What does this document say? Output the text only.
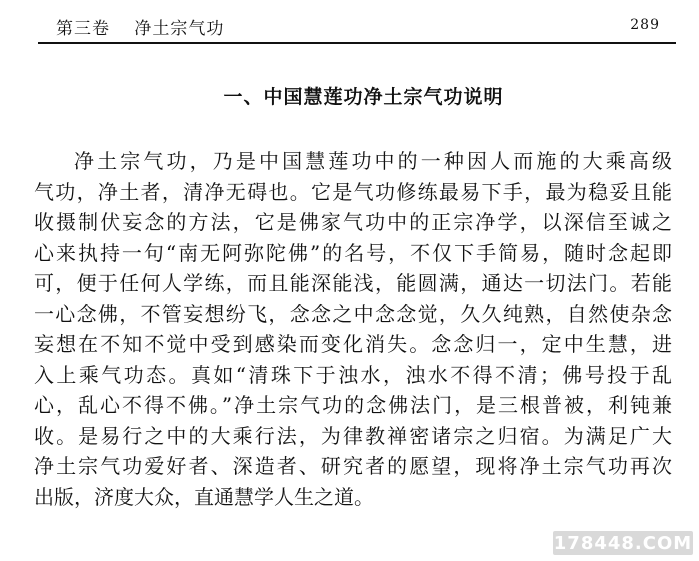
第三卷 净土宗气功	289
一、中国慧莲功净土宗气功说明
净土宗气功，乃是中国慧莲功中的一种因人而施的大乘高级
气功，净土者，清净无碍也。它是气功修练最易下手，最为稳妥且能
收摄制伏妄念的方法，它是佛家气功中的正宗净学，以深信至诚之
心来执持一句“南无阿弥陀佛”的名号，不仅下手简易，随时念起即
可，便于任何人学练，而且能深能浅，能圆满，通达一切法门。若能
一心念佛，不管妄想纷飞，念念之中念念觉，久久纯熟，自然使杂念
妄想在不知不觉中受到感染而变化消失。念念归一，定中生慧，进
入上乘气功态。真如“清珠下于浊水，浊水不得不清；佛号投于乱
心，乱心不得不佛。”净土宗气功的念佛法门，是三根普被，利钝兼
收。是易行之中的大乘行法，为律教禅密诸宗之归宿。为满足广大
净土宗气功爱好者、深造者、研究者的愿望，现将净土宗气功再次
出版，济度大众，直通慧学人生之道。
178448.COM
